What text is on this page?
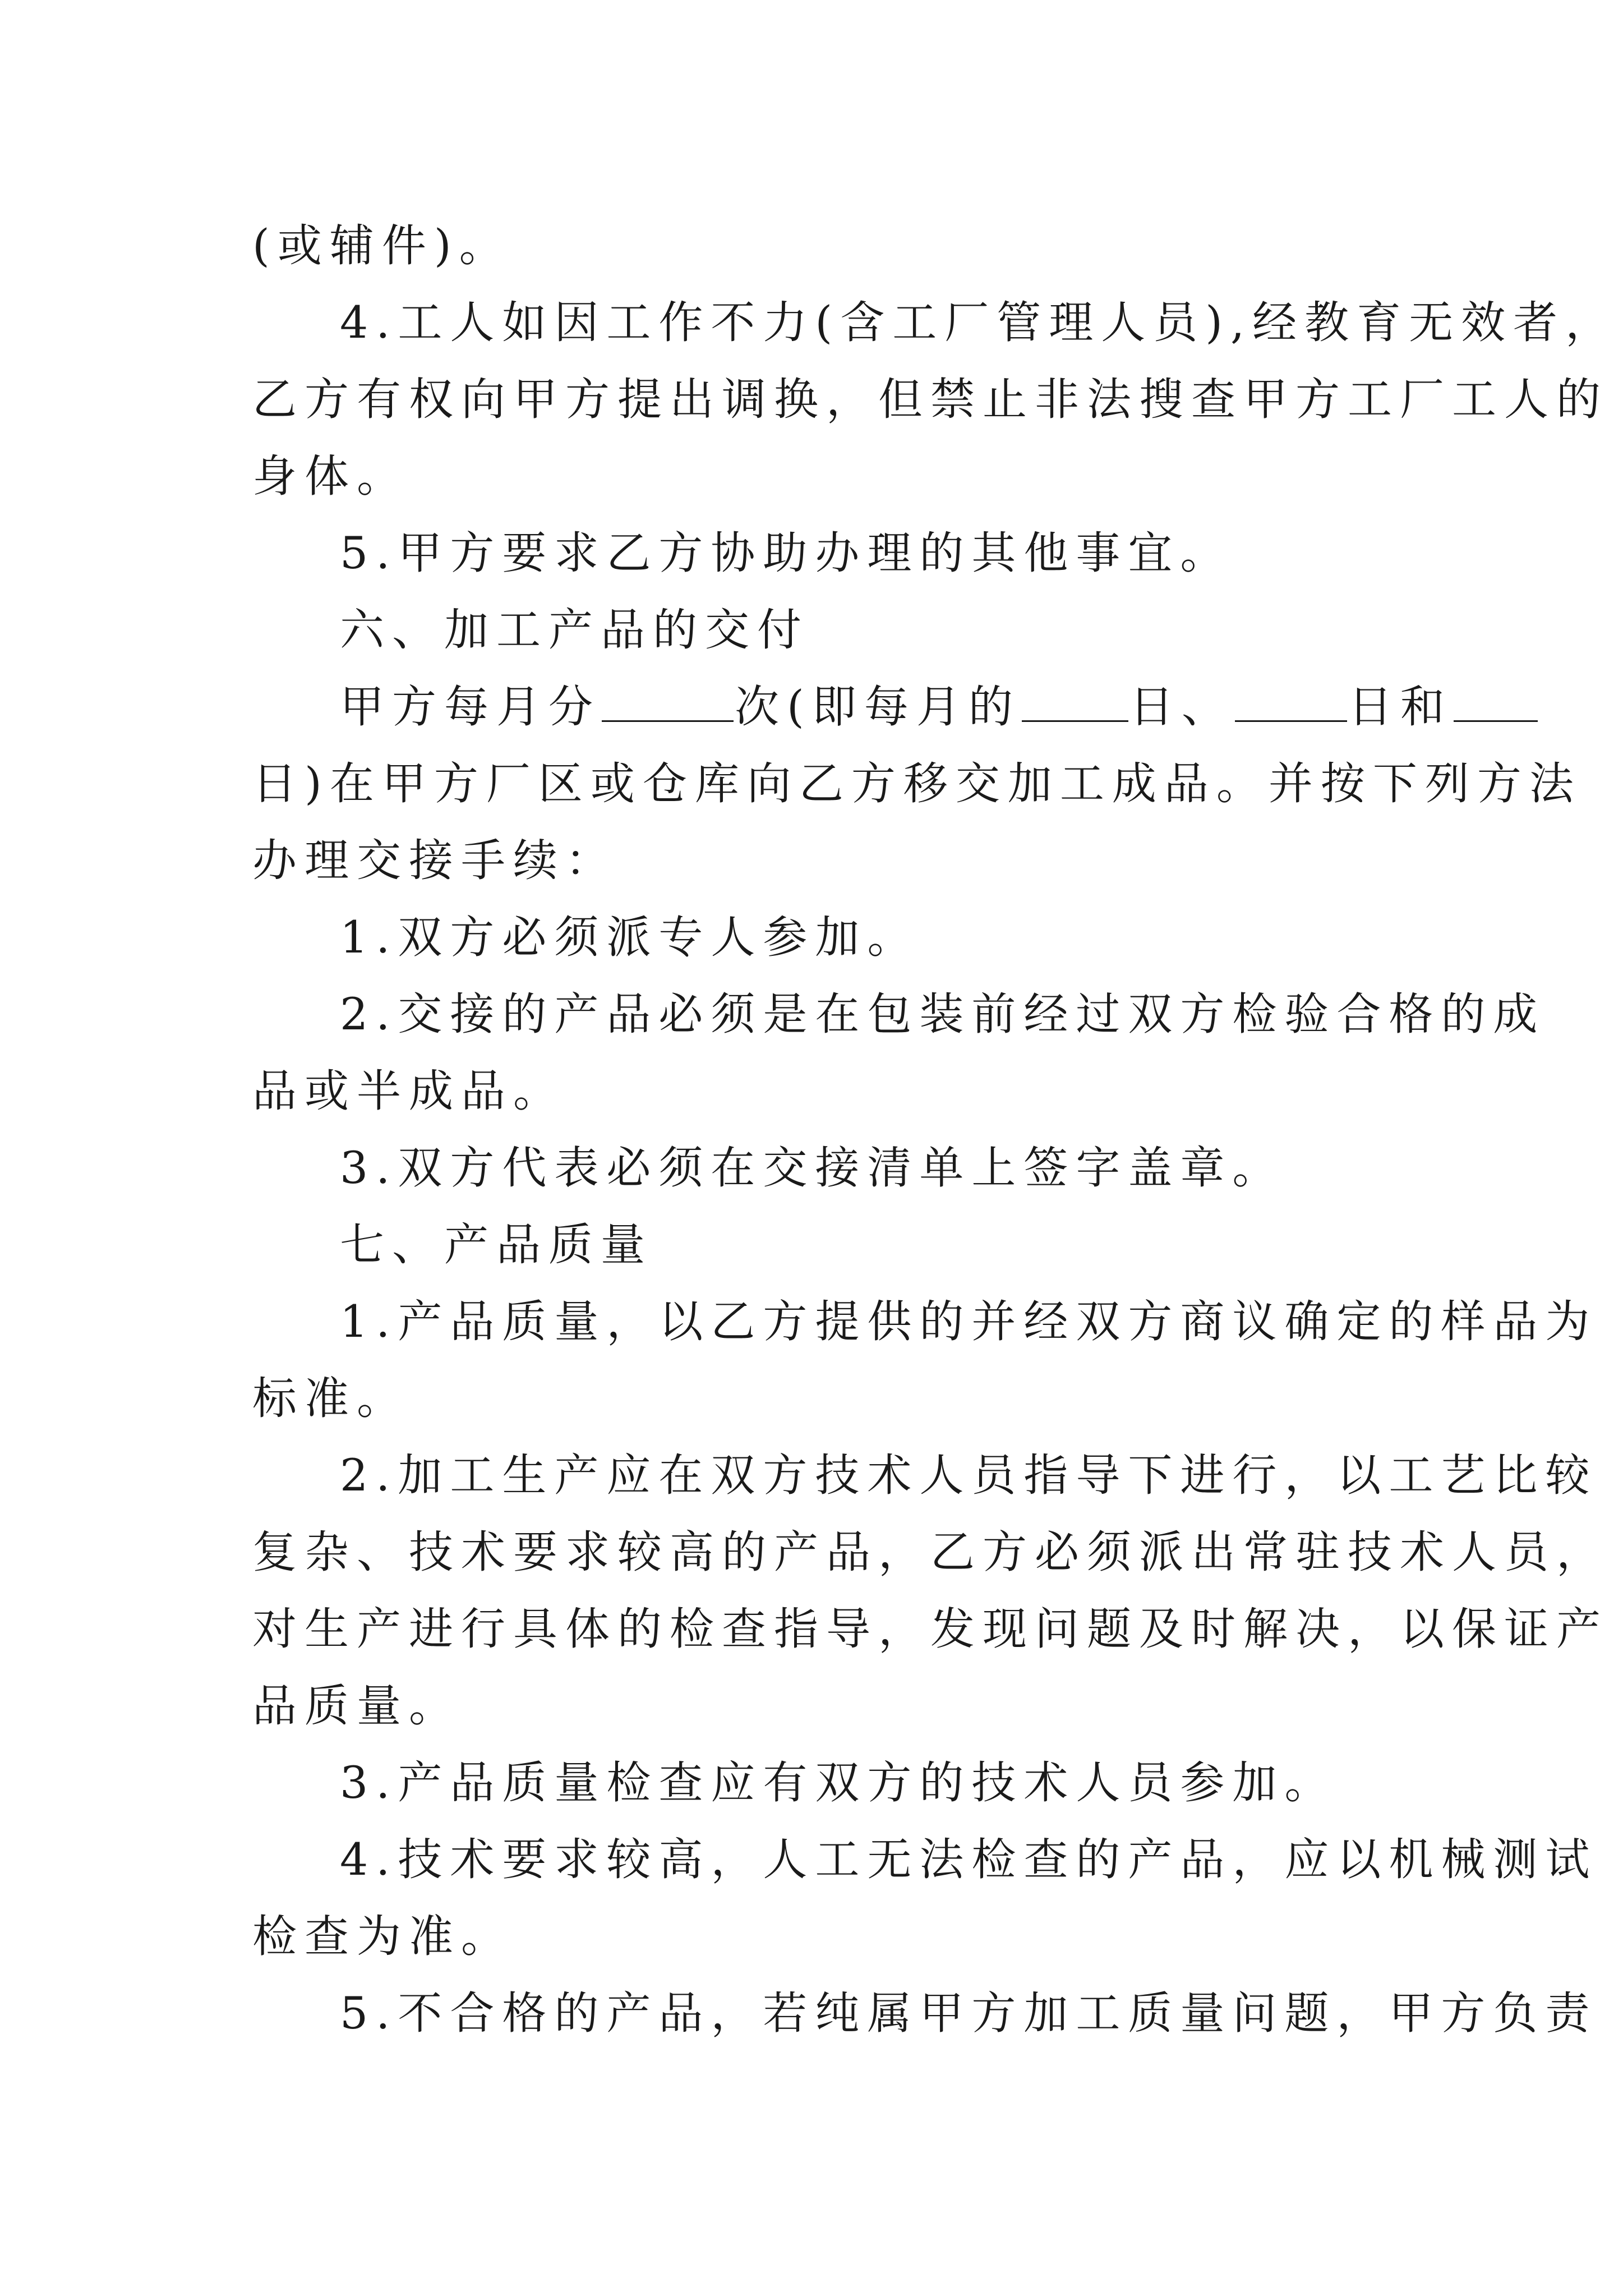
(或辅件)。
4.工人如因工作不力(含工厂管理人员),经教育无效者，
乙方有权向甲方提出调换，但禁止非法搜查甲方工厂工人的
身体。
5.甲方要求乙方协助办理的其他事宜。
六、加工产品的交付
甲方每月分	次(即每月的 日、	日和
日)在甲方厂区或仓库向乙方移交加工成品。并按下列方法
办理交接手续：
1.双方必须派专人参加。
2.交接的产品必须是在包装前经过双方检验合格的成
品或半成品。
3.双方代表必须在交接清单上签字盖章。
七、产品质量
1.产品质量，以乙方提供的并经双方商议确定的样品为
标准。
2.加工生产应在双方技术人员指导下进行，以工艺比较
复杂、技术要求较高的产品，乙方必须派出常驻技术人员，
对生产进行具体的检查指导，发现问题及时解决，以保证产
品质量。
3.产品质量检查应有双方的技术人员参加。
4.技术要求较高，人工无法检查的产品，应以机械测试
检查为准。
5.不合格的产品，若纯属甲方加工质量问题，甲方负责
